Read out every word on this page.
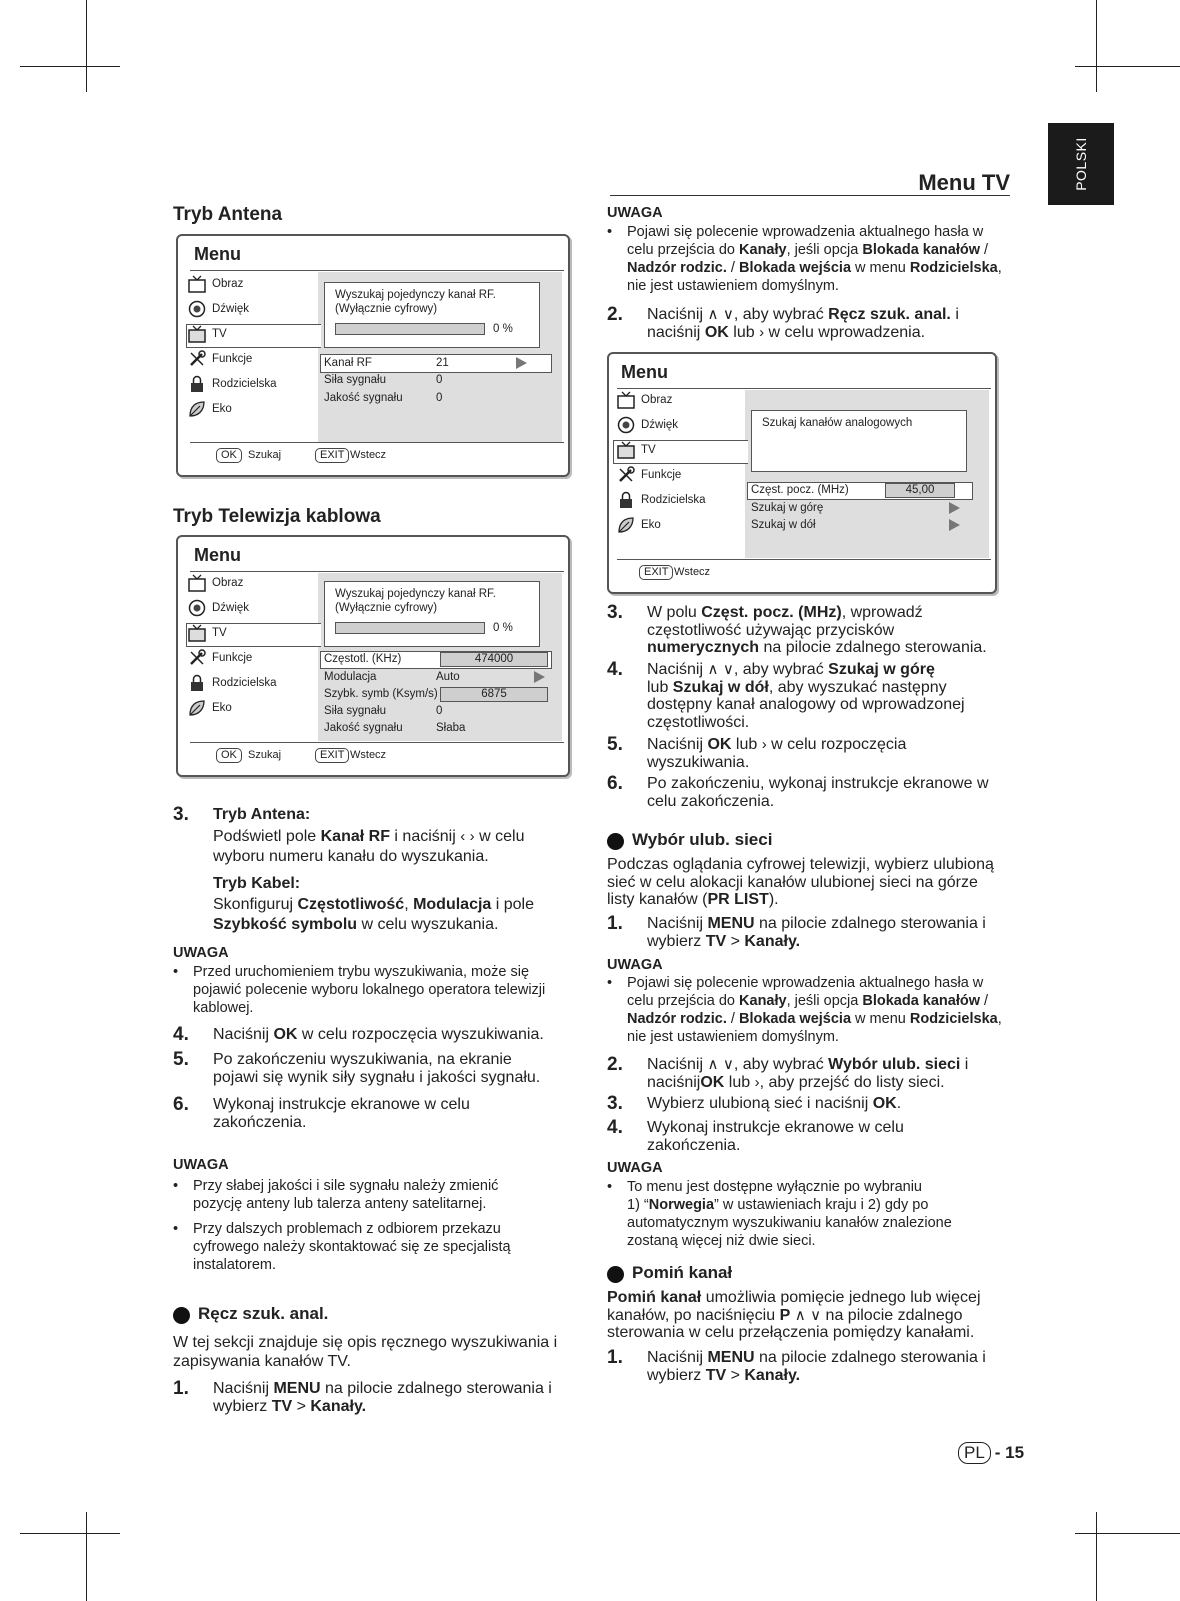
POLSKI
Menu TV
Tryb Antena
Menu
Obraz
Dźwięk
TV
Funkcje
Rodzicielska
Eko
Wyszukaj pojedynczy kanał RF.
(Wyłącznie cyfrowy)
0 %
Kanał RF	21
Siła sygnału	0
Jakość sygnału	0
OK	Szukaj	EXIT Wstecz
Tryb Telewizja kablowa
Menu
Obraz
Dźwięk
TV
Funkcje
Rodzicielska
Eko
Wyszukaj pojedynczy kanał RF.
(Wyłącznie cyfrowy)
0 %
Częstotl. (KHz)	474000
Modulacja	Auto
Szybk. symb (Ksym/s)	6875
Siła sygnału	0
Jakość sygnału	Słaba
OK	Szukaj	EXIT Wstecz
3. Tryb Antena:
Podświetl pole Kanał RF i naciśnij ‹ › w celu
wyboru numeru kanału do wyszukania.
Tryb Kabel:
Skonfiguruj Częstotliwość, Modulacja i pole
Szybkość symbolu w celu wyszukania.
UWAGA
• Przed uruchomieniem trybu wyszukiwania, może się pojawić polecenie wyboru lokalnego operatora telewizji kablowej.
4. Naciśnij OK w celu rozpoczęcia wyszukiwania.
5. Po zakończeniu wyszukiwania, na ekranie pojawi się wynik siły sygnału i jakości sygnału.
6. Wykonaj instrukcje ekranowe w celu zakończenia.
UWAGA
• Przy słabej jakości i sile sygnału należy zmienić pozycję anteny lub talerza anteny satelitarnej.
• Przy dalszych problemach z odbiorem przekazu cyfrowego należy skontaktować się ze specjalistą instalatorem.
Ręcz szuk. anal.
W tej sekcji znajduje się opis ręcznego wyszukiwania i zapisywania kanałów TV.
1. Naciśnij MENU na pilocie zdalnego sterowania i
wybierz TV > Kanały.
UWAGA
• Pojawi się polecenie wprowadzenia aktualnego hasła w celu przejścia do Kanały, jeśli opcja Blokada kanałów / Nadzór rodzic. / Blokada wejścia w menu Rodzicielska, nie jest ustawieniem domyślnym.
2. Naciśnij ∧ ∨, aby wybrać Ręcz szuk. anal. i
naciśnij OK lub › w celu wprowadzenia.
Menu
Obraz
Dźwięk
TV
Funkcje
Rodzicielska
Eko
Szukaj kanałów analogowych
Częst. pocz. (MHz)	45,00
Szukaj w górę
Szukaj w dół
EXIT Wstecz
3. W polu Częst. pocz. (MHz), wprowadź częstotliwość używając przycisków numerycznych na pilocie zdalnego sterowania.
4. Naciśnij ∧ ∨, aby wybrać Szukaj w górę
lub Szukaj w dół, aby wyszukać następny dostępny kanał analogowy od wprowadzonej częstotliwości.
5. Naciśnij OK lub › w celu rozpoczęcia wyszukiwania.
6. Po zakończeniu, wykonaj instrukcje ekranowe w celu zakończenia.
Wybór ulub. sieci
Podczas oglądania cyfrowej telewizji, wybierz ulubioną sieć w celu alokacji kanałów ulubionej sieci na górze listy kanałów (PR LIST).
1. Naciśnij MENU na pilocie zdalnego sterowania i
wybierz TV > Kanały.
UWAGA
• Pojawi się polecenie wprowadzenia aktualnego hasła w celu przejścia do Kanały, jeśli opcja Blokada kanałów / Nadzór rodzic. / Blokada wejścia w menu Rodzicielska, nie jest ustawieniem domyślnym.
2. Naciśnij ∧ ∨, aby wybrać Wybór ulub. sieci i
naciśnijOK lub ›, aby przejść do listy sieci.
3. Wybierz ulubioną sieć i naciśnij OK.
4. Wykonaj instrukcje ekranowe w celu zakończenia.
UWAGA
• To menu jest dostępne wyłącznie po wybraniu
1) “Norwegia” w ustawieniach kraju i 2) gdy po automatycznym wyszukiwaniu kanałów znalezione zostaną więcej niż dwie sieci.
Pomiń kanał
Pomiń kanał umożliwia pomięcie jednego lub więcej kanałów, po naciśnięciu P ∧ ∨ na pilocie zdalnego sterowania w celu przełączenia pomiędzy kanałami.
1. Naciśnij MENU na pilocie zdalnego sterowania i
wybierz TV > Kanały.
PL - 15
